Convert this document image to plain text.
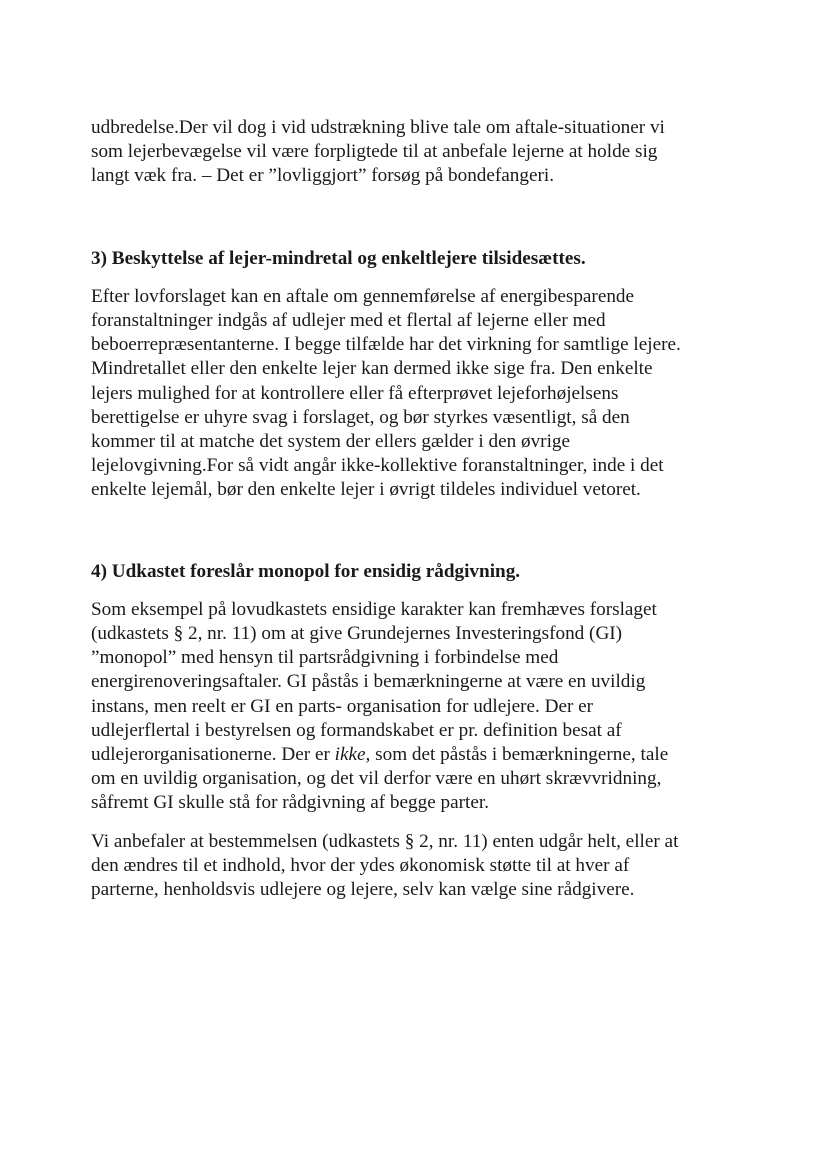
udbredelse.Der vil dog i vid udstrækning blive tale om aftale-situationer vi
som lejerbevægelse vil være forpligtede til at anbefale lejerne at holde sig
langt væk fra. – Det er ”lovliggjort” forsøg på bondefangeri.

3) Beskyttelse af lejer-mindretal og enkeltlejere tilsidesættes.

Efter lovforslaget kan en aftale om gennemførelse af energibesparende
foranstaltninger indgås af udlejer med et flertal af lejerne eller med
beboerrepræsentanterne. I begge tilfælde har det virkning for samtlige lejere.
Mindretallet eller den enkelte lejer kan dermed ikke sige fra. Den enkelte
lejers mulighed for at kontrollere eller få efterprøvet lejeforhøjelsens
berettigelse er uhyre svag i forslaget, og bør styrkes væsentligt, så den
kommer til at matche det system der ellers gælder i den øvrige
lejelovgivning.For så vidt angår ikke-kollektive foranstaltninger, inde i det
enkelte lejemål, bør den enkelte lejer i øvrigt tildeles individuel vetoret.

4) Udkastet foreslår monopol for ensidig rådgivning.

Som eksempel på lovudkastets ensidige karakter kan fremhæves forslaget
(udkastets § 2, nr. 11) om at give Grundejernes Investeringsfond (GI)
”monopol” med hensyn til partsrådgivning i forbindelse med
energirenoveringsaftaler. GI påstås i bemærkningerne at være en uvildig
instans, men reelt er GI en parts- organisation for udlejere. Der er
udlejerflertal i bestyrelsen og formandskabet er pr. definition besat af
udlejerorganisationerne. Der er ikke, som det påstås i bemærkningerne, tale
om en uvildig organisation, og det vil derfor være en uhørt skrævvridning,
såfremt GI skulle stå for rådgivning af begge parter.

Vi anbefaler at bestemmelsen (udkastets § 2, nr. 11) enten udgår helt, eller at
den ændres til et indhold, hvor der ydes økonomisk støtte til at hver af
parterne, henholdsvis udlejere og lejere, selv kan vælge sine rådgivere.
